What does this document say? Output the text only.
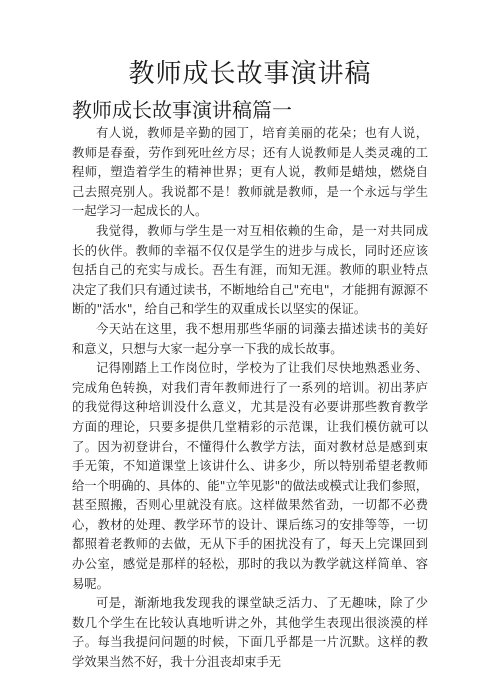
教师成长故事演讲稿
教师成长故事演讲稿篇一

有人说，教师是辛勤的园丁，培育美丽的花朵；也有人说，教师是春蚕，劳作到死吐丝方尽；还有人说教师是人类灵魂的工程师，塑造着学生的精神世界；更有人说，教师是蜡烛，燃烧自己去照亮别人。我说都不是！教师就是教师，是一个永远与学生一起学习一起成长的人。

我觉得，教师与学生是一对互相依赖的生命，是一对共同成长的伙伴。教师的幸福不仅仅是学生的进步与成长，同时还应该包括自己的充实与成长。吾生有涯，而知无涯。教师的职业特点决定了我们只有通过读书，不断地给自己"充电"，才能拥有源源不断的"活水"，给自己和学生的双重成长以坚实的保证。

今天站在这里，我不想用那些华丽的词藻去描述读书的美好和意义，只想与大家一起分享一下我的成长故事。

记得刚踏上工作岗位时，学校为了让我们尽快地熟悉业务、完成角色转换，对我们青年教师进行了一系列的培训。初出茅庐的我觉得这种培训没什么意义，尤其是没有必要讲那些教育教学方面的理论，只要多提供几堂精彩的示范课，让我们模仿就可以了。因为初登讲台，不懂得什么教学方法，面对教材总是感到束手无策，不知道课堂上该讲什么、讲多少，所以特别希望老教师给一个明确的、具体的、能"立竿见影"的做法或模式让我们参照，甚至照搬，否则心里就没有底。这样做果然省劲，一切都不必费心，教材的处理、教学环节的设计、课后练习的安排等等，一切都照着老教师的去做，无从下手的困扰没有了，每天上完课回到办公室，感觉是那样的轻松，那时的我以为教学就这样简单、容易呢。

可是，渐渐地我发现我的课堂缺乏活力、了无趣味，除了少数几个学生在比较认真地听讲之外，其他学生表现出很淡漠的样子。每当我提问问题的时候，下面几乎都是一片沉默。这样的教学效果当然不好，我十分沮丧却束手无
